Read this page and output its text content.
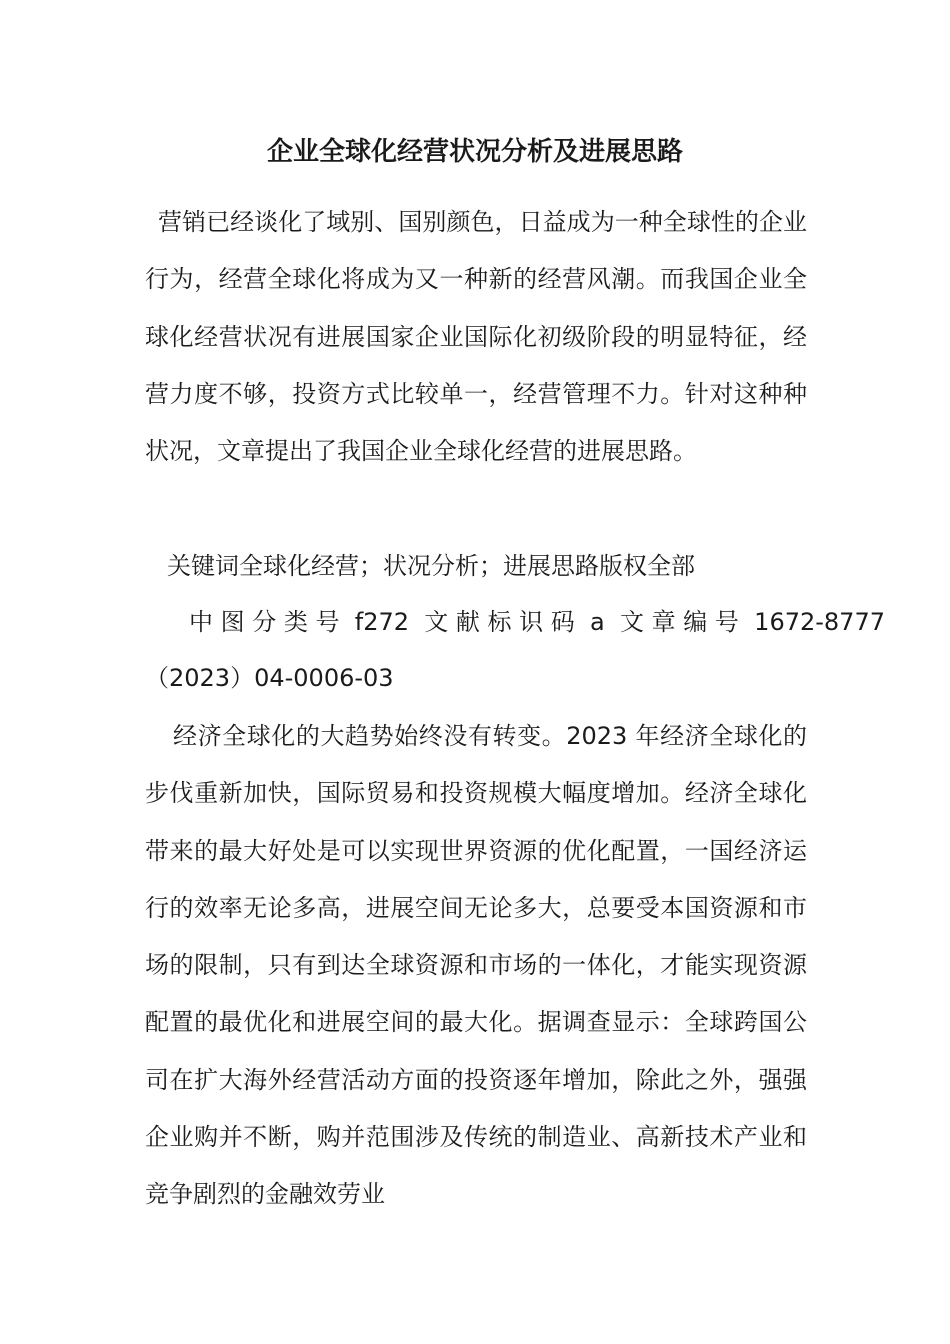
企业全球化经营状况分析及进展思路

营销已经谈化了域别、国别颜色，日益成为一种全球性的企业行为，经营全球化将成为又一种新的经营风潮。而我国企业全球化经营状况有进展国家企业国际化初级阶段的明显特征，经营力度不够，投资方式比较单一，经营管理不力。针对这种种状况，文章提出了我国企业全球化经营的进展思路。

关键词全球化经营；状况分析；进展思路版权全部

中 图 分 类 号  f272  文 献 标 识 码  a  文 章 编 号  1672-8777
（2023）04-0006-03

经济全球化的大趋势始终没有转变。2023 年经济全球化的步伐重新加快，国际贸易和投资规模大幅度增加。经济全球化带来的最大好处是可以实现世界资源的优化配置，一国经济运行的效率无论多高，进展空间无论多大，总要受本国资源和市场的限制，只有到达全球资源和市场的一体化，才能实现资源配置的最优化和进展空间的最大化。据调查显示：全球跨国公司在扩大海外经营活动方面的投资逐年增加，除此之外，强强企业购并不断，购并范围涉及传统的制造业、高新技术产业和竞争剧烈的金融效劳业
